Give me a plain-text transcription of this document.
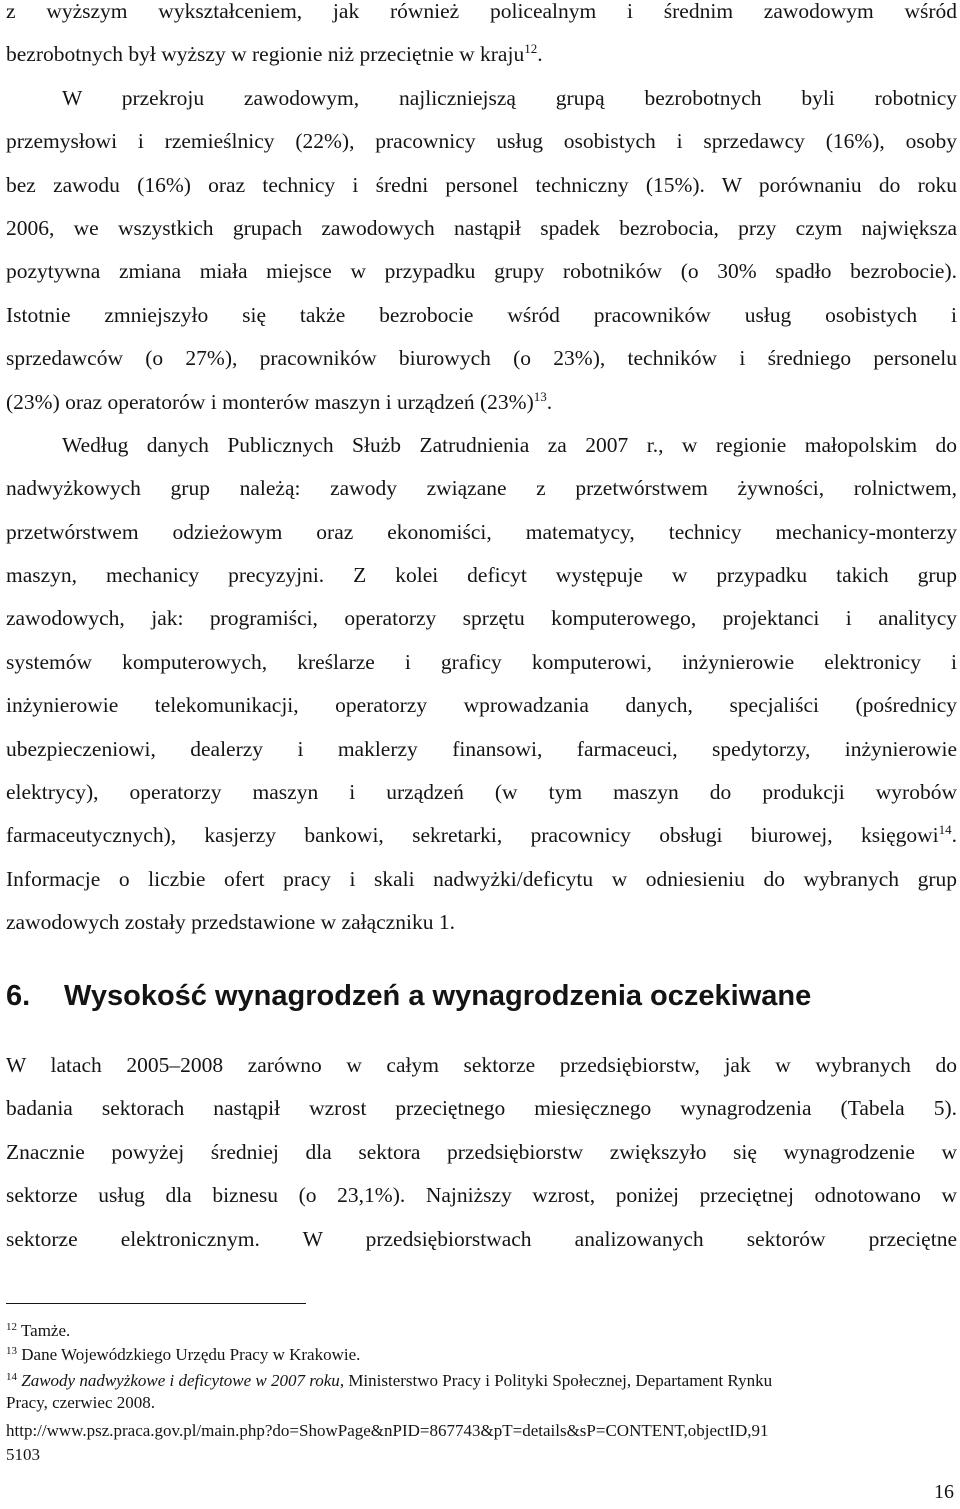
z wyższym wykształceniem, jak również policealnym i średnim zawodowym wśród
bezrobotnych był wyższy w regionie niż przeciętnie w kraju$^{12}$.
W przekroju zawodowym, najliczniejszą grupą bezrobotnych byli robotnicy
przemysłowi i rzemieślnicy (22%), pracownicy usług osobistych i sprzedawcy (16%), osoby
bez zawodu (16%) oraz technicy i średni personel techniczny (15%). W porównaniu do roku
2006, we wszystkich grupach zawodowych nastąpił spadek bezrobocia, przy czym największa
pozytywna zmiana miała miejsce w przypadku grupy robotników (o 30% spadło bezrobocie).
Istotnie zmniejszyło się także bezrobocie wśród pracowników usług osobistych i
sprzedawców (o 27%), pracowników biurowych (o 23%), techników i średniego personelu
(23%) oraz operatorów i monterów maszyn i urządzeń $(23\%)^{13}$.
Według danych Publicznych Służb Zatrudnienia za 2007 r., w regionie małopolskim do
nadwyżkowych grup należą: zawody związane z przetwórstwem żywności, rolnictwem,
przetwórstwem odzieżowym oraz ekonomiści, matematycy, technicy mechanicy-monterzy
maszyn, mechanicy precyzyjni. Z kolei deficyt występuje w przypadku takich grup
zawodowych, jak: programiści, operatorzy sprzętu komputerowego, projektanci i analitycy
systemów komputerowych, kreślarze i graficy komputerowi, inżynierowie elektronicy i
inżynierowie telekomunikacji, operatorzy wprowadzania danych, specjaliści (pośrednicy
ubezpieczeniowi, dealerzy i maklerzy finansowi, farmaceuci, spedytorzy, inżynierowie
elektrycy), operatorzy maszyn i urządzeń (w tym maszyn do produkcji wyrobów
farmaceutycznych), kasjerzy bankowi, sekretarki, pracownicy obsługi biurowej, księgowi$^{14}$.
Informacje o liczbie ofert pracy i skali nadwyżki/deficytu w odniesieniu do wybranych grup
zawodowych zostały przedstawione w załączniku 1.
6. Wysokość wynagrodzeń a wynagrodzenia oczekiwane
W latach 2005–2008 zarówno w całym sektorze przedsiębiorstw, jak w wybranych do
badania sektorach nastąpił wzrost przeciętnego miesięcznego wynagrodzenia (Tabela 5).
Znacznie powyżej średniej dla sektora przedsiębiorstw zwiększyło się wynagrodzenie w
sektorze usług dla biznesu (o 23,1%). Najniższy wzrost, poniżej przeciętnej odnotowano w
sektorze elektronicznym. W przedsiębiorstwach analizowanych sektorów przeciętne
$^{12}$ Tamże.
$^{13}$ Dane Wojewódzkiego Urzędu Pracy w Krakowie.
$^{14}$ Zawody nadwyżkowe i deficytowe w 2007 roku, Ministerstwo Pracy i Polityki Społecznej, Departament Rynku
Pracy, czerwiec 2008.
http://www.psz.praca.gov.pl/main.php?do=ShowPage&nPID=867743&pT=details&sP=CONTENT,objectID,91
5103
16
